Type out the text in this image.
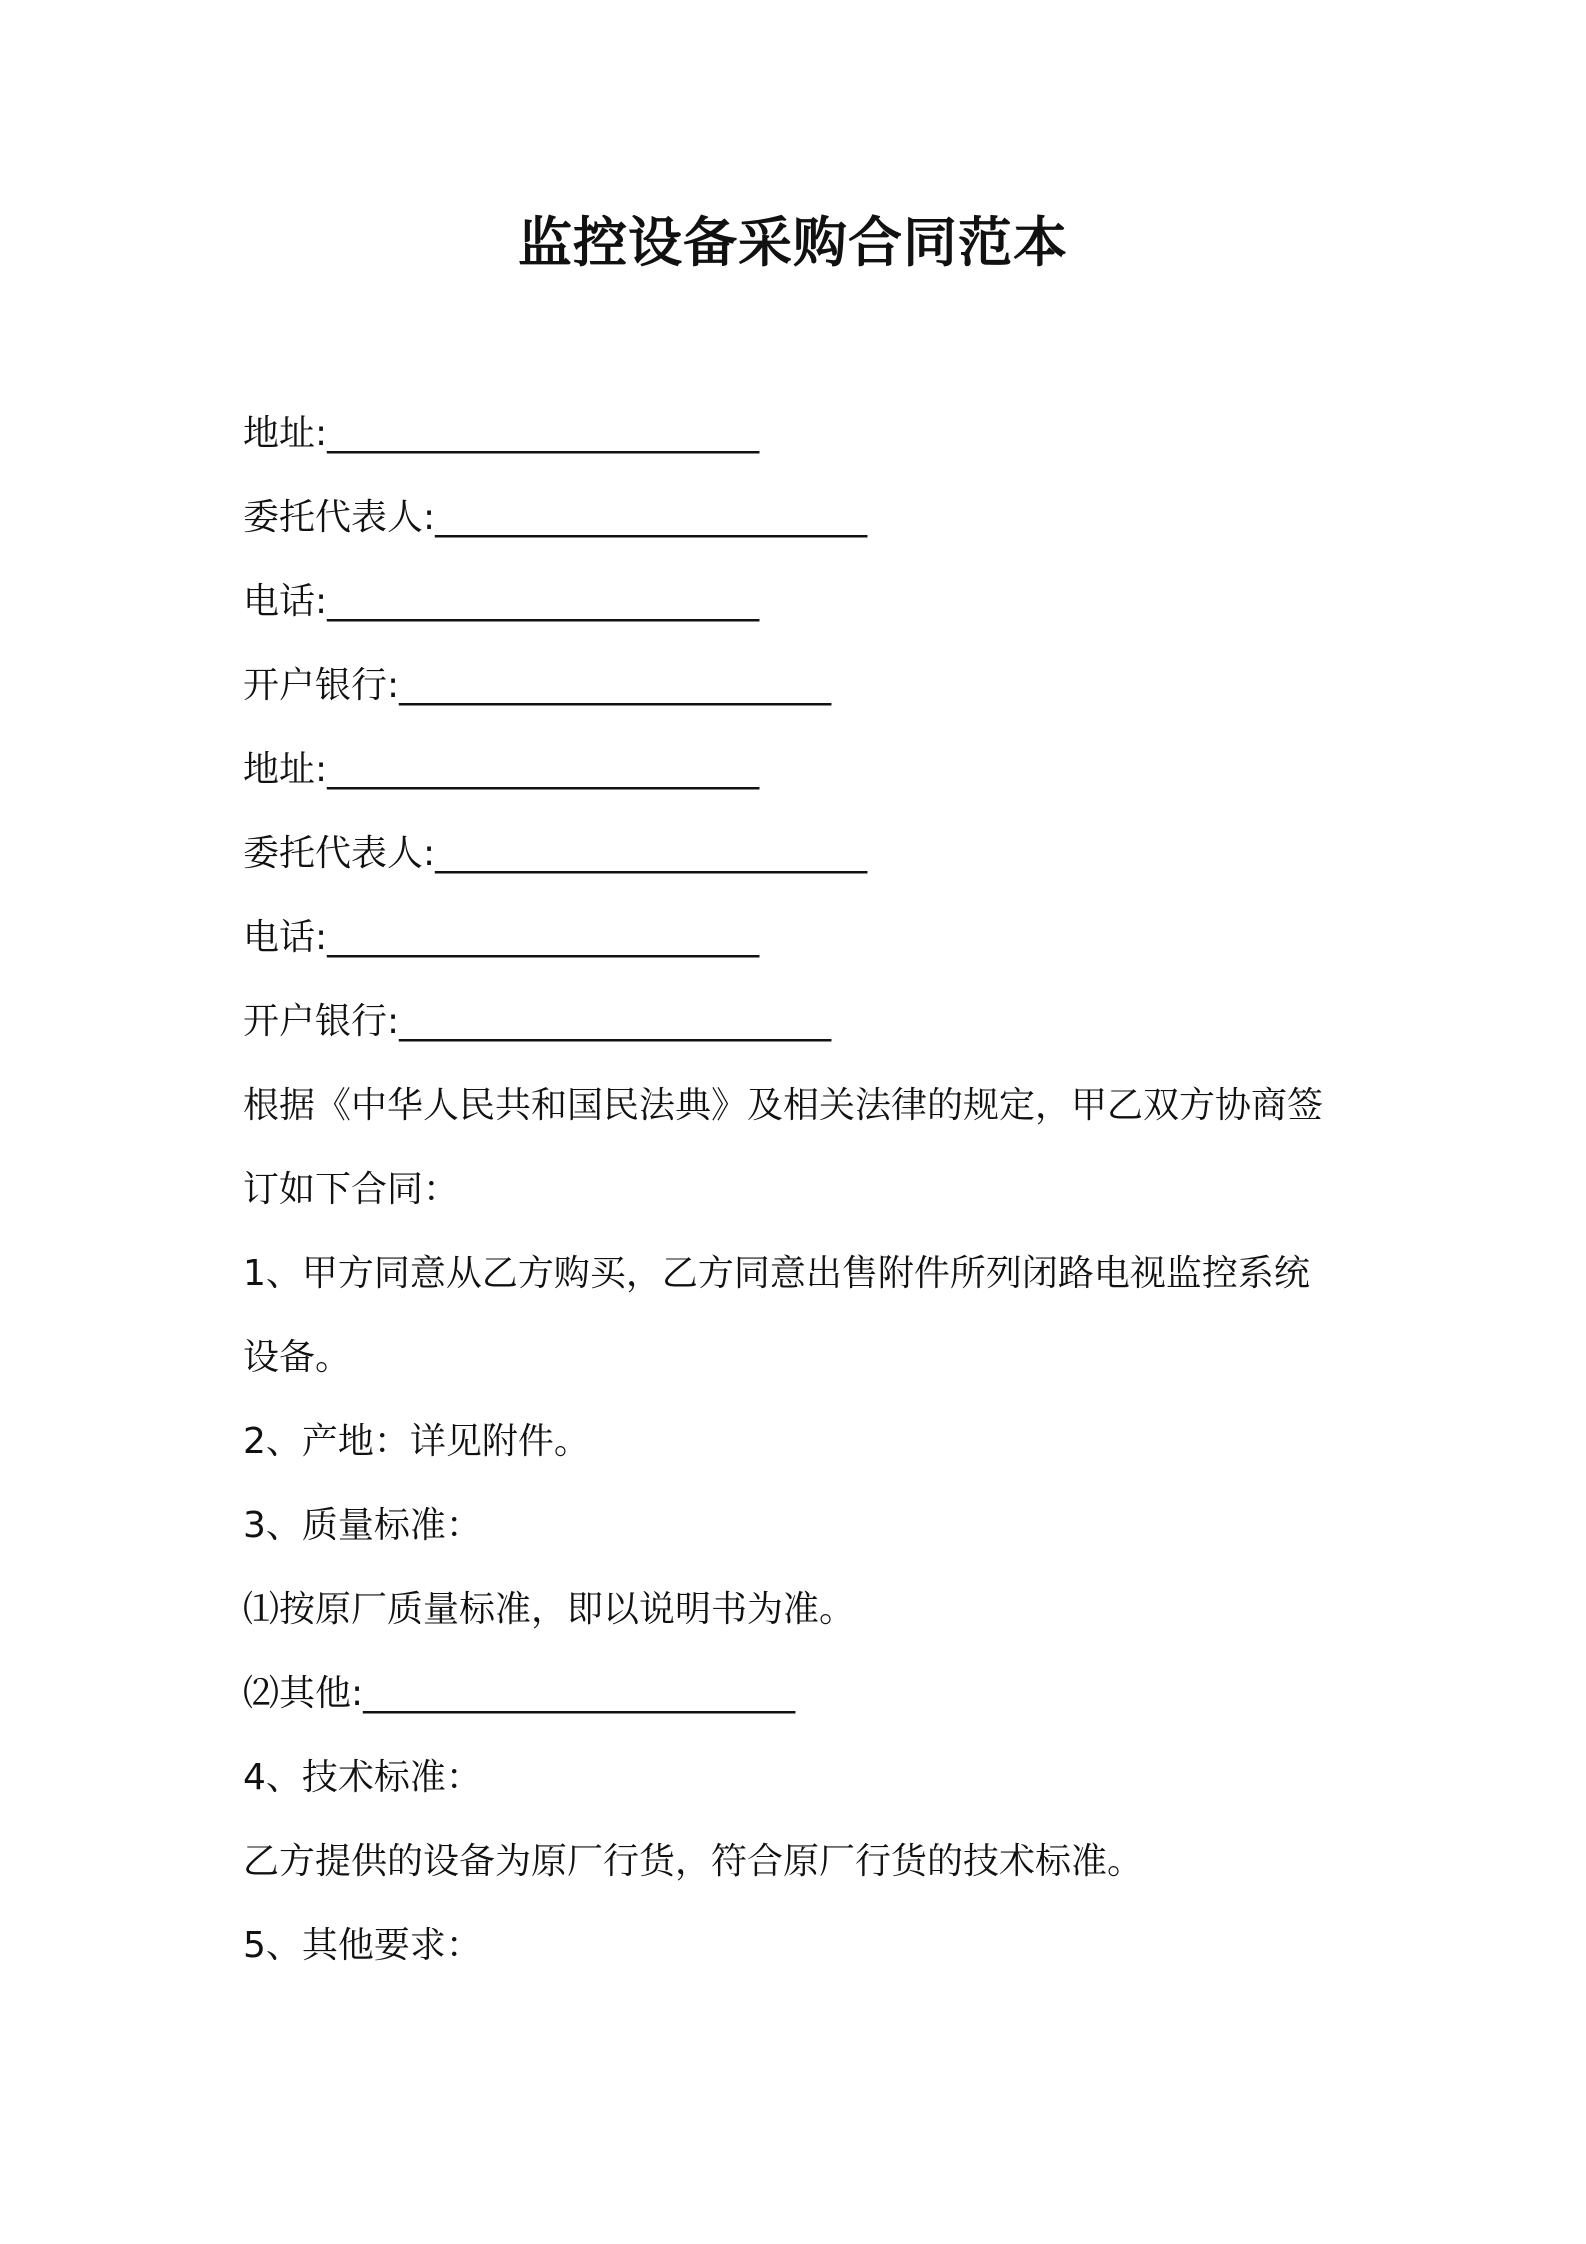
监控设备采购合同范本

地址:________________________

委托代表人:________________________

电话:________________________

开户银行:________________________

地址:________________________

委托代表人:________________________

电话:________________________

开户银行:________________________

根据《中华人民共和国民法典》及相关法律的规定，甲乙双方协商签

订如下合同：

1、甲方同意从乙方购买，乙方同意出售附件所列闭路电视监控系统

设备。

2、产地：详见附件。

3、质量标准：

⑴按原厂质量标准，即以说明书为准。

⑵其他:________________________

4、技术标准：

乙方提供的设备为原厂行货，符合原厂行货的技术标准。

5、其他要求：
